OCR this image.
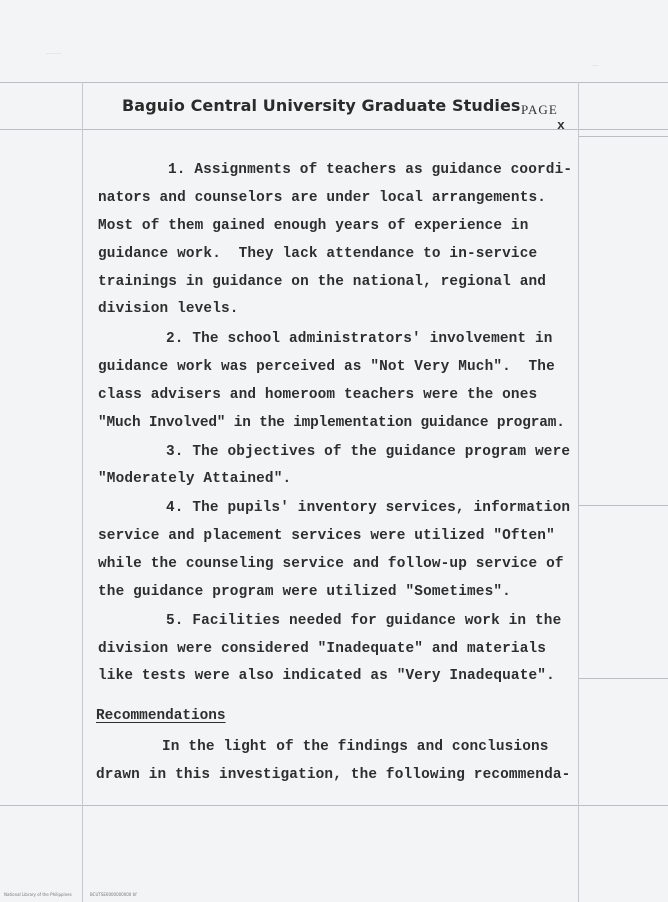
-------
---
Baguio Central University Graduate Studies PAGE
x
1. Assignments of teachers as guidance coordi-
nators and counselors are under local arrangements.
Most of them gained enough years of experience in
guidance work.  They lack attendance to in-service
trainings in guidance on the national, regional and
division levels.
2. The school administrators' involvement in
guidance work was perceived as "Not Very Much".  The
class advisers and homeroom teachers were the ones
"Much Involved" in the implementation guidance program.
3. The objectives of the guidance program were
"Moderately Attained".
4. The pupils' inventory services, information
service and placement services were utilized "Often"
while the counseling service and follow-up service of
the guidance program were utilized "Sometimes".
5. Facilities needed for guidance work in the
division were considered "Inadequate" and materials
like tests were also indicated as "Very Inadequate".
Recommendations
In the light of the findings and conclusions
drawn in this investigation, the following recommenda-
National Library of the Philippines	BCUTSE0000000000 tif
